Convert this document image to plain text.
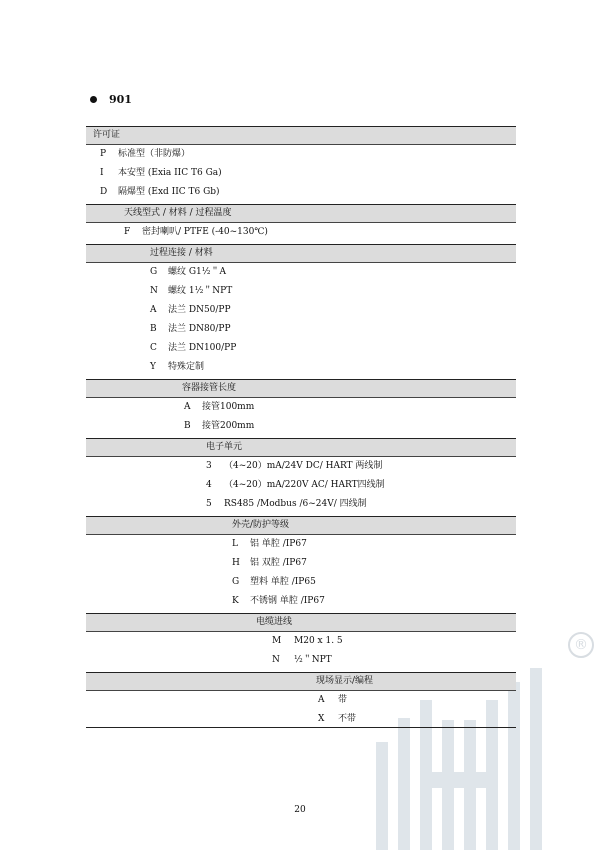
901
®
许可证
P 标准型（非防爆）
I 本安型 (Exia IIC T6 Ga)
D 隔爆型 (Exd IIC T6 Gb)
天线型式 / 材料 / 过程温度
F 密封喇叭/ PTFE (-40~130℃)
过程连接 / 材料
G 螺纹 G1½＂A
N 螺纹 1½＂NPT
A 法兰 DN50/PP
B 法兰 DN80/PP
C 法兰 DN100/PP
Y 特殊定制
容器接管长度
A 接管100mm
B 接管200mm
电子单元
3 （4~20）mA/24V DC/ HART 两线制
4 （4~20）mA/220V AC/ HART四线制
5 RS485 /Modbus /6~24V/ 四线制
外壳/防护等级
L 铝 单腔 /IP67
H 铝 双腔 /IP67
G 塑料 单腔 /IP65
K 不锈钢 单腔 /IP67
电缆进线
M M20 x 1. 5
N ½＂NPT
现场显示/编程
A 带
X 不带
20
